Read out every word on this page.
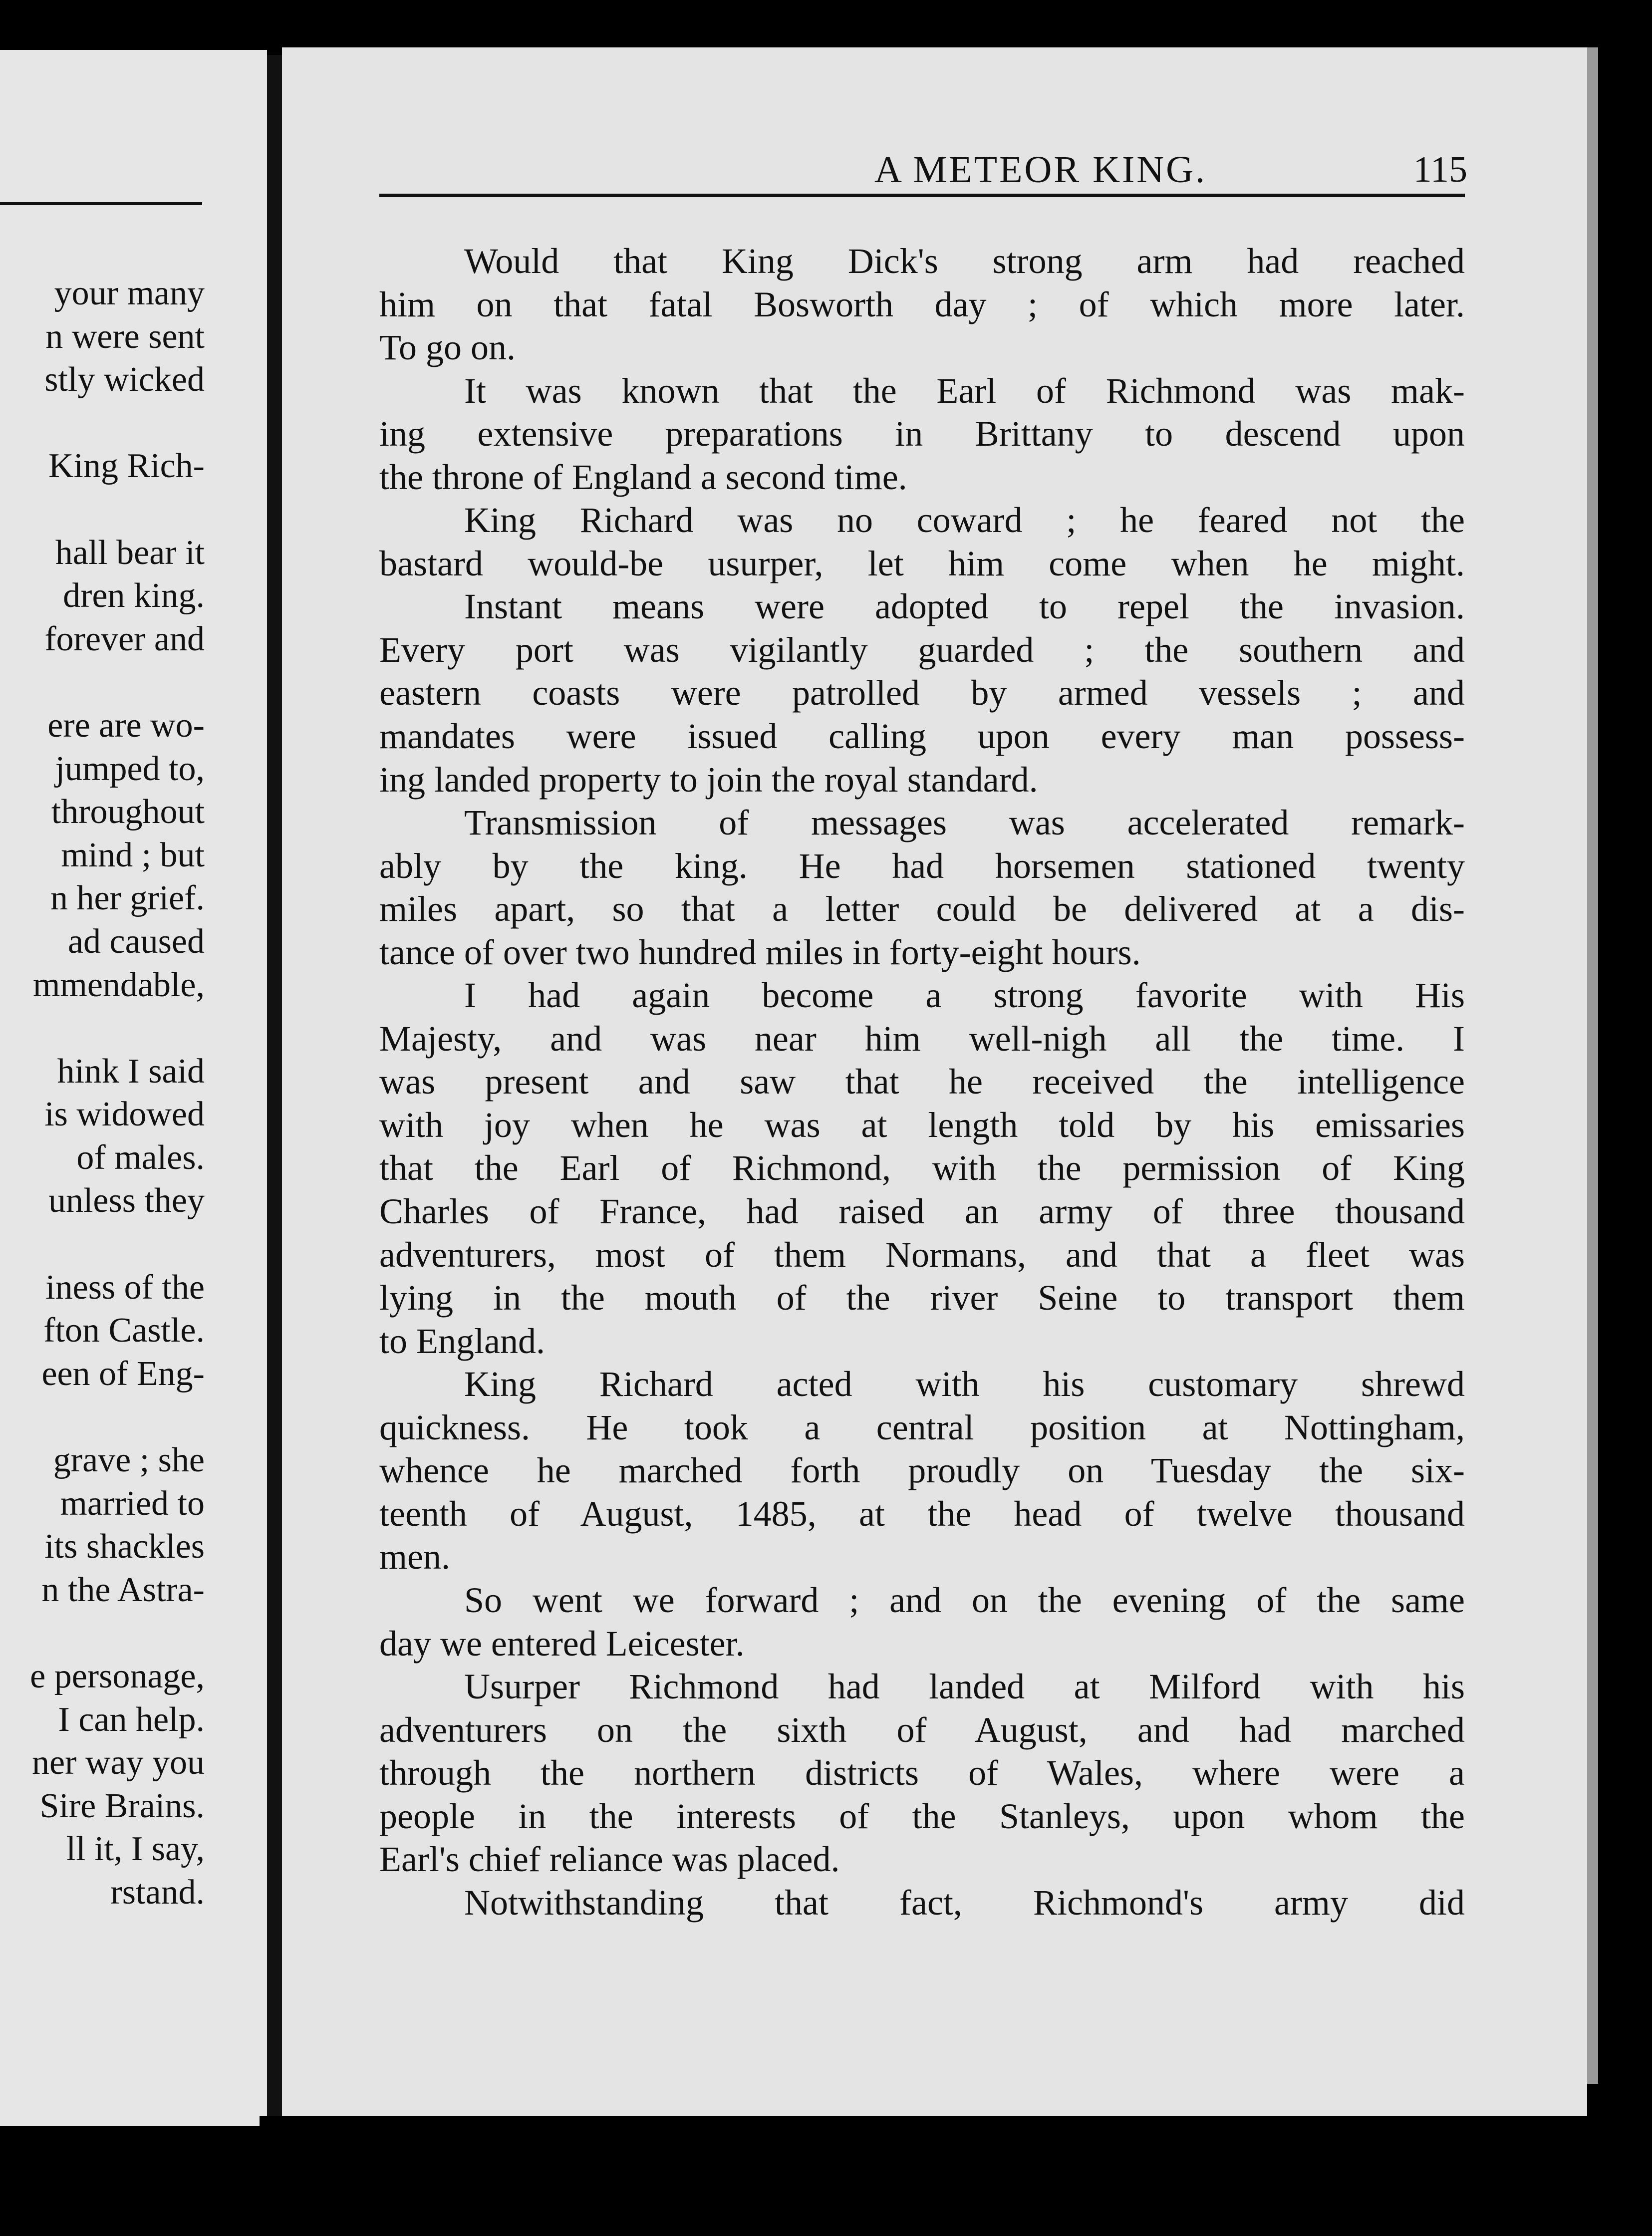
your many
n were sent
stly wicked
King Rich-
hall bear it
dren king.
forever and
ere are wo-
jumped to,
throughout
mind ; but
n her grief.
ad caused
mmendable,
hink I said
is widowed
of males.
unless they
iness of the
fton Castle.
een of Eng-
grave ; she
married to
its shackles
n the Astra-
e personage,
I can help.
ner way you
Sire Brains.
ll it, I say,
rstand.
A METEOR KING.	115
Would that King Dick's strong arm had reached
him on that fatal Bosworth day ; of which more later.
To go on.
It was known that the Earl of Richmond was mak-
ing extensive preparations in Brittany to descend upon
the throne of England a second time.
King Richard was no coward ; he feared not the
bastard would-be usurper, let him come when he might.
Instant means were adopted to repel the invasion.
Every port was vigilantly guarded ; the southern and
eastern coasts were patrolled by armed vessels ; and
mandates were issued calling upon every man possess-
ing landed property to join the royal standard.
Transmission of messages was accelerated remark-
ably by the king. He had horsemen stationed twenty
miles apart, so that a letter could be delivered at a dis-
tance of over two hundred miles in forty-eight hours.
I had again become a strong favorite with His
Majesty, and was near him well-nigh all the time. I
was present and saw that he received the intelligence
with joy when he was at length told by his emissaries
that the Earl of Richmond, with the permission of King
Charles of France, had raised an army of three thousand
adventurers, most of them Normans, and that a fleet was
lying in the mouth of the river Seine to transport them
to England.
King Richard acted with his customary shrewd
quickness. He took a central position at Nottingham,
whence he marched forth proudly on Tuesday the six-
teenth of August, 1485, at the head of twelve thousand
men.
So went we forward ; and on the evening of the same
day we entered Leicester.
Usurper Richmond had landed at Milford with his
adventurers on the sixth of August, and had marched
through the northern districts of Wales, where were a
people in the interests of the Stanleys, upon whom the
Earl's chief reliance was placed.
Notwithstanding that fact, Richmond's army did
